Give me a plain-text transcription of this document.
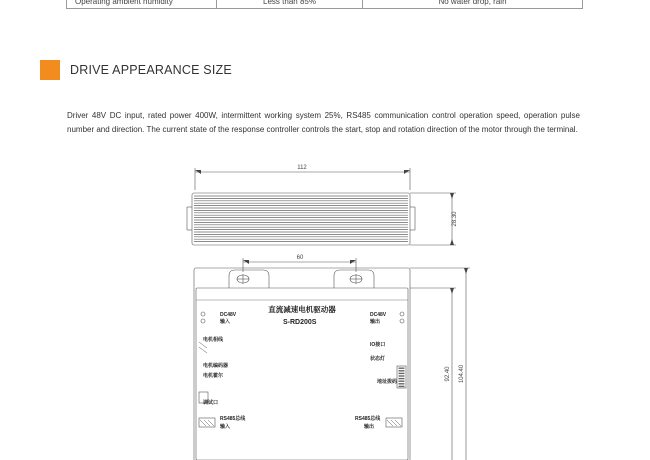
Operating ambient humidity	Less than 85%	No water drop, rain
DRIVE APPEARANCE SIZE

Driver 48V DC input, rated power 400W, intermittent working system 25%, RS485 communication control operation speed, operation pulse number and direction. The current state of the response controller controls the start, stop and rotation direction of the motor through the terminal.

112
28.30
60
92.40 104.40
直流减速电机驱动器
S-RD200S
DC48V
输入
电机相线
电机编码器
电机霍尔
调试口
RS485总线
输入
DC48V
输出
IO接口
状态灯
地址拨码
RS485总线
输出
